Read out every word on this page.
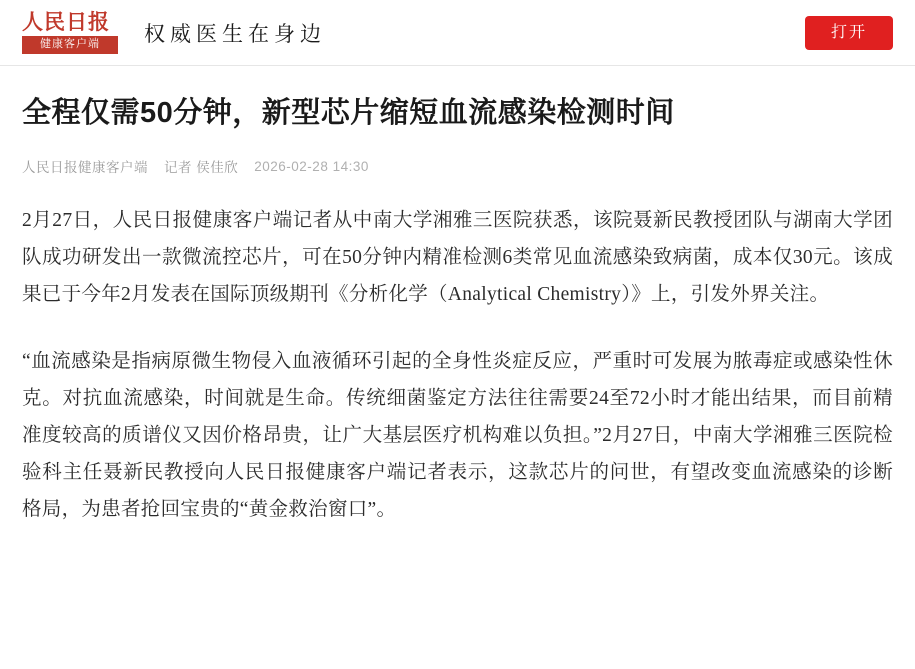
人民日报
健康客户端	权威医生在身边	打开
全程仅需50分钟，新型芯片缩短血流感染检测时间
人民日报健康客户端 记者 侯佳欣 2026-02-28 14:30

2月27日，人民日报健康客户端记者从中南大学湘雅三医院获悉，该院聂新民教授团队与湖南大学团队成功研发出一款微流控芯片，可在50分钟内精准检测6类常见血流感染致病菌，成本仅30元。该成果已于今年2月发表在国际顶级期刊《分析化学（Analytical Chemistry）》上，引发外界关注。

“血流感染是指病原微生物侵入血液循环引起的全身性炎症反应，严重时可发展为脓毒症或感染性休克。对抗血流感染，时间就是生命。传统细菌鉴定方法往往需要24至72小时才能出结果，而目前精准度较高的质谱仪又因价格昂贵，让广大基层医疗机构难以负担。”2月27日，中南大学湘雅三医院检验科主任聂新民教授向人民日报健康客户端记者表示，这款芯片的问世，有望改变血流感染的诊断格局，为患者抢回宝贵的“黄金救治窗口”。
